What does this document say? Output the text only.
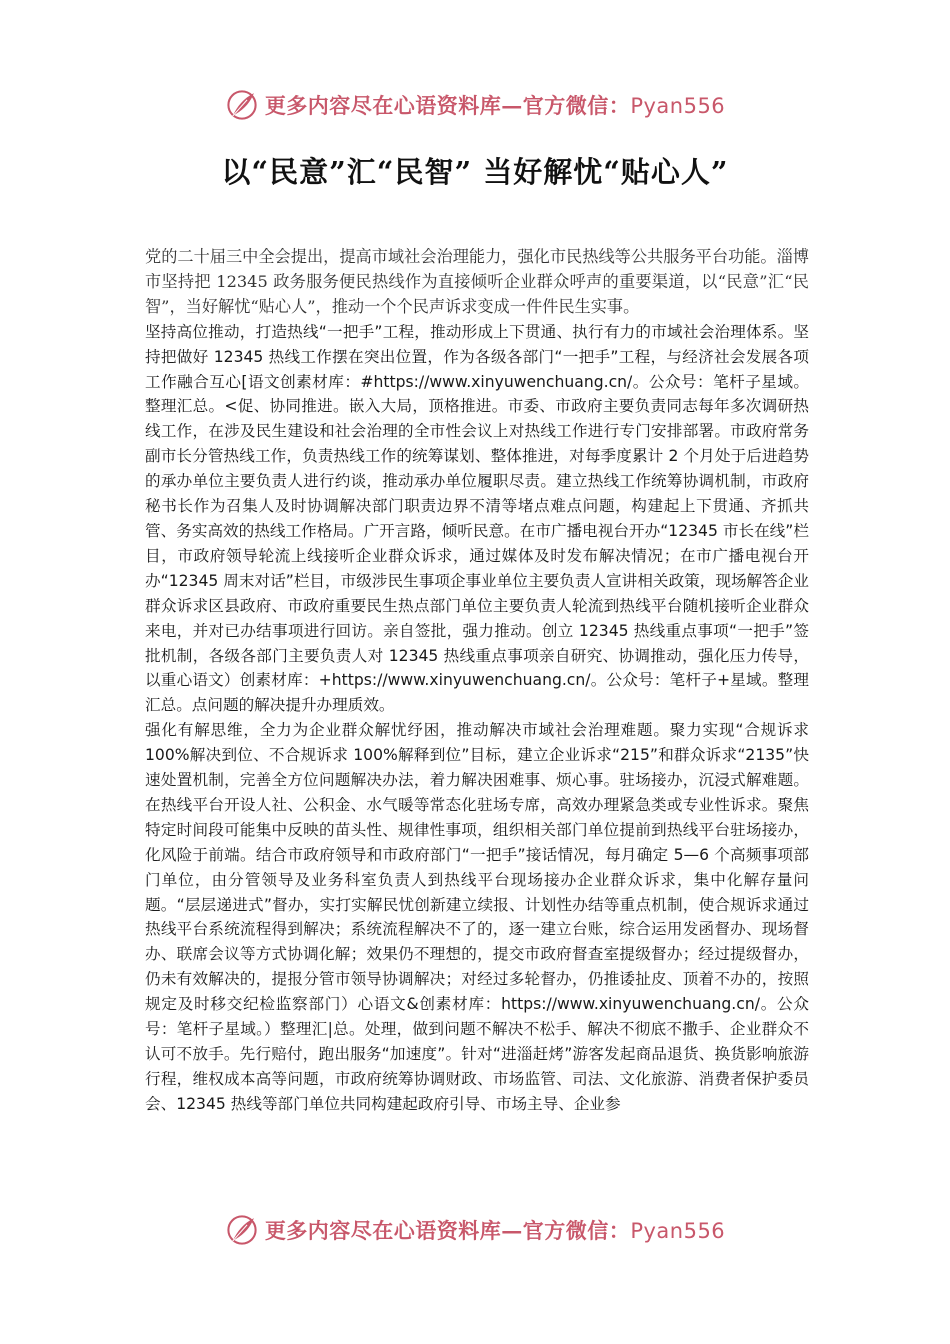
更多内容尽在心语资料库—官方微信：Pyan556
以“民意”汇“民智” 当好解忧“贴心人”

党的二十届三中全会提出，提高市域社会治理能力，强化市民热线等公共服务平台功能。淄博市坚持把 12345 政务服务便民热线作为直接倾听企业群众呼声的重要渠道，以“民意”汇“民智”，当好解忧“贴心人”，推动一个个民声诉求变成一件件民生实事。

坚持高位推动，打造热线“一把手”工程，推动形成上下贯通、执行有力的市域社会治理体系。坚持把做好 12345 热线工作摆在突出位置，作为各级各部门“一把手”工程，与经济社会发展各项工作融合互心[语文创素材库：#https://www.xinyuwenchuang.cn/。公众号：笔杆子星域。整理汇总。<促、协同推进。嵌入大局，顶格推进。市委、市政府主要负责同志每年多次调研热线工作，在涉及民生建设和社会治理的全市性会议上对热线工作进行专门安排部署。市政府常务副市长分管热线工作，负责热线工作的统筹谋划、整体推进，对每季度累计 2 个月处于后进趋势的承办单位主要负责人进行约谈，推动承办单位履职尽责。建立热线工作统筹协调机制，市政府秘书长作为召集人及时协调解决部门职责边界不清等堵点难点问题，构建起上下贯通、齐抓共管、务实高效的热线工作格局。广开言路，倾听民意。在市广播电视台开办“12345 市长在线”栏目，市政府领导轮流上线接听企业群众诉求，通过媒体及时发布解决情况；在市广播电视台开办“12345 周末对话”栏目，市级涉民生事项企事业单位主要负责人宣讲相关政策，现场解答企业群众诉求区县政府、市政府重要民生热点部门单位主要负责人轮流到热线平台随机接听企业群众来电，并对已办结事项进行回访。亲自签批，强力推动。创立 12345 热线重点事项“一把手”签批机制，各级各部门主要负责人对 12345 热线重点事项亲自研究、协调推动，强化压力传导，以重心语文）创素材库：+https://www.xinyuwenchuang.cn/。公众号：笔杆子+星域。整理汇总。点问题的解决提升办理质效。

强化有解思维，全力为企业群众解忧纾困，推动解决市域社会治理难题。聚力实现“合规诉求 100%解决到位、不合规诉求 100%解释到位”目标，建立企业诉求“215”和群众诉求“2135”快速处置机制，完善全方位问题解决办法，着力解决困难事、烦心事。驻场接办，沉浸式解难题。在热线平台开设人社、公积金、水气暖等常态化驻场专席，高效办理紧急类或专业性诉求。聚焦特定时间段可能集中反映的苗头性、规律性事项，组织相关部门单位提前到热线平台驻场接办，化风险于前端。结合市政府领导和市政府部门“一把手”接话情况，每月确定 5—6 个高频事项部门单位，由分管领导及业务科室负责人到热线平台现场接办企业群众诉求，集中化解存量问题。“层层递进式”督办，实打实解民忧创新建立续报、计划性办结等重点机制，使合规诉求通过热线平台系统流程得到解决；系统流程解决不了的，逐一建立台账，综合运用发函督办、现场督办、联席会议等方式协调化解；效果仍不理想的，提交市政府督查室提级督办；经过提级督办，仍未有效解决的，提报分管市领导协调解决；对经过多轮督办，仍推诿扯皮、顶着不办的，按照规定及时移交纪检监察部门）心语文&创素材库：https://www.xinyuwenchuang.cn/。公众号：笔杆子星域。）整理汇|总。处理，做到问题不解决不松手、解决不彻底不撒手、企业群众不认可不放手。先行赔付，跑出服务“加速度”。针对“进淄赶烤”游客发起商品退货、换货影响旅游行程，维权成本高等问题，市政府统筹协调财政、市场监管、司法、文化旅游、消费者保护委员会、12345 热线等部门单位共同构建起政府引导、市场主导、企业参

更多内容尽在心语资料库—官方微信：Pyan556
